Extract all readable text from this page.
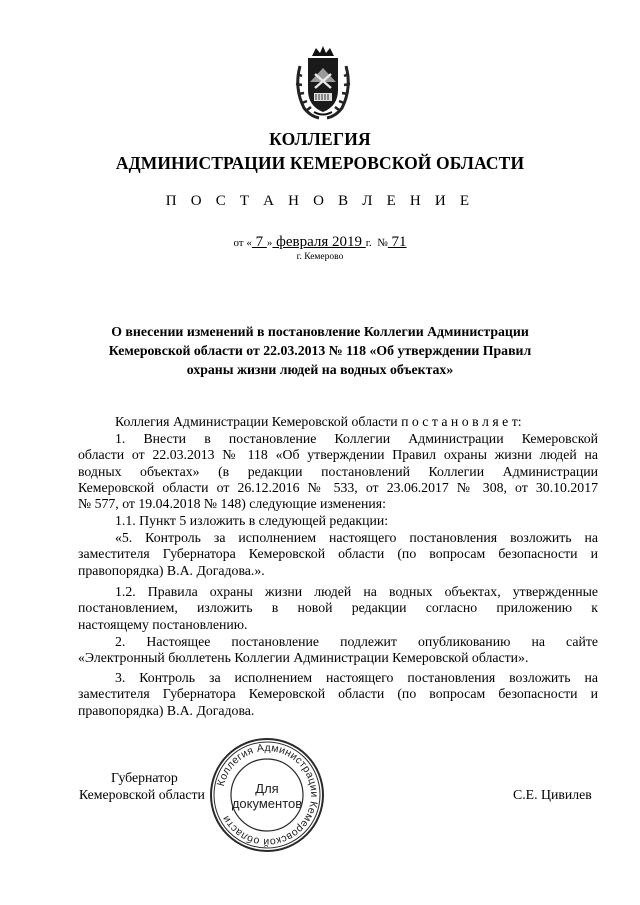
КОЛЛЕГИЯ
АДМИНИСТРАЦИИ КЕМЕРОВСКОЙ ОБЛАСТИ
П О С Т А Н О В Л Е Н И Е
от « 7 » февраля 2019 г. № 71
г. Кемерово
О внесении изменений в постановление Коллегии Администрации
Кемеровской области от 22.03.2013 № 118 «Об утверждении Правил
охраны жизни людей на водных объектах»
Коллегия Администрации Кемеровской области п о с т а н о в л я е т:
1. Внести в постановление Коллегии Администрации Кемеровской
области от 22.03.2013 № 118 «Об утверждении Правил охраны жизни людей на
водных объектах» (в редакции постановлений Коллегии Администрации
Кемеровской области от 26.12.2016 № 533, от 23.06.2017 № 308, от 30.10.2017
№ 577, от 19.04.2018 № 148) следующие изменения:
1.1. Пункт 5 изложить в следующей редакции:
«5. Контроль за исполнением настоящего постановления возложить на
заместителя Губернатора Кемеровской области (по вопросам безопасности и
правопорядка) В.А. Догадова.».
1.2. Правила охраны жизни людей на водных объектах, утвержденные
постановлением, изложить в новой редакции согласно приложению к
настоящему постановлению.
2. Настоящее постановление подлежит опубликованию на сайте
«Электронный бюллетень Коллегии Администрации Кемеровской области».
3. Контроль за исполнением настоящего постановления возложить на
заместителя Губернатора Кемеровской области (по вопросам безопасности и
правопорядка) В.А. Догадова.
Губернатор
Кемеровской области	С.Е. Цивилев
Коллегия Администрации Кемеровской области
Для
документов
